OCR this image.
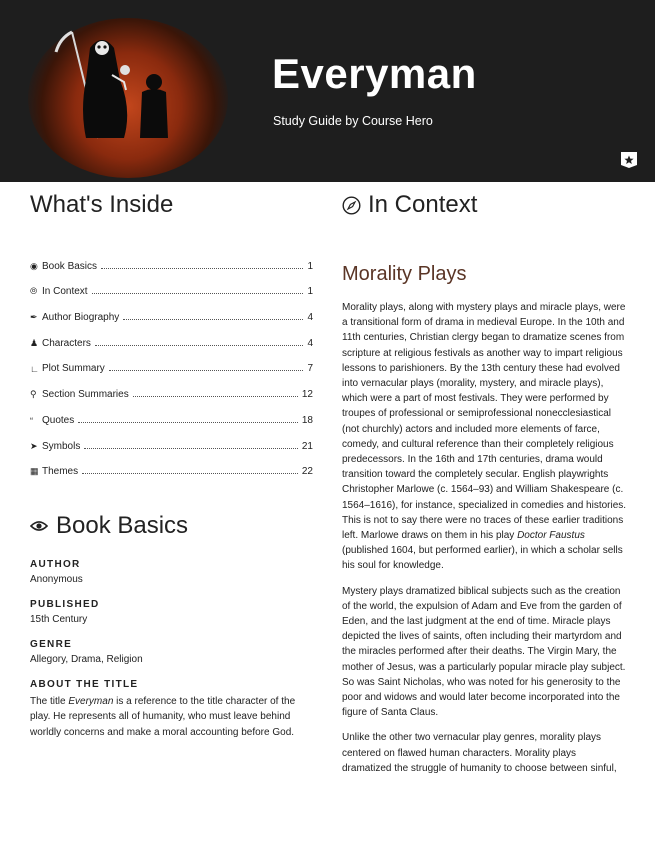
Everyman
Study Guide by Course Hero
What's Inside
◉ Book Basics	1
⦾ In Context	1
✒ Author Biography	4
♟ Characters	4
∟ Plot Summary	7
⚲ Section Summaries	12
“ Quotes	18
➤ Symbols	21
▦ Themes	22
Book Basics
AUTHOR
Anonymous
PUBLISHED
15th Century
GENRE
Allegory, Drama, Religion
ABOUT THE TITLE
The title Everyman is a reference to the title character of the play. He represents all of humanity, who must leave behind worldly concerns and make a moral accounting before God.
In Context
Morality Plays

Morality plays, along with mystery plays and miracle plays, were a transitional form of drama in medieval Europe. In the 10th and 11th centuries, Christian clergy began to dramatize scenes from scripture at religious festivals as another way to impart religious lessons to parishioners. By the 13th century these had evolved into vernacular plays (morality, mystery, and miracle plays), which were a part of most festivals. They were performed by troupes of professional or semiprofessional nonecclesiastical (not churchly) actors and included more elements of farce, comedy, and cultural reference than their completely religious predecessors. In the 16th and 17th centuries, drama would transition toward the completely secular. English playwrights Christopher Marlowe (c. 1564–93) and William Shakespeare (c. 1564–1616), for instance, specialized in comedies and histories. This is not to say there were no traces of these earlier traditions left. Marlowe draws on them in his play Doctor Faustus (published 1604, but performed earlier), in which a scholar sells his soul for knowledge.

Mystery plays dramatized biblical subjects such as the creation of the world, the expulsion of Adam and Eve from the garden of Eden, and the last judgment at the end of time. Miracle plays depicted the lives of saints, often including their martyrdom and the miracles performed after their deaths. The Virgin Mary, the mother of Jesus, was a particularly popular miracle play subject. So was Saint Nicholas, who was noted for his generosity to the poor and widows and would later become incorporated into the figure of Santa Claus.

Unlike the other two vernacular play genres, morality plays centered on flawed human characters. Morality plays dramatized the struggle of humanity to choose between sinful,
